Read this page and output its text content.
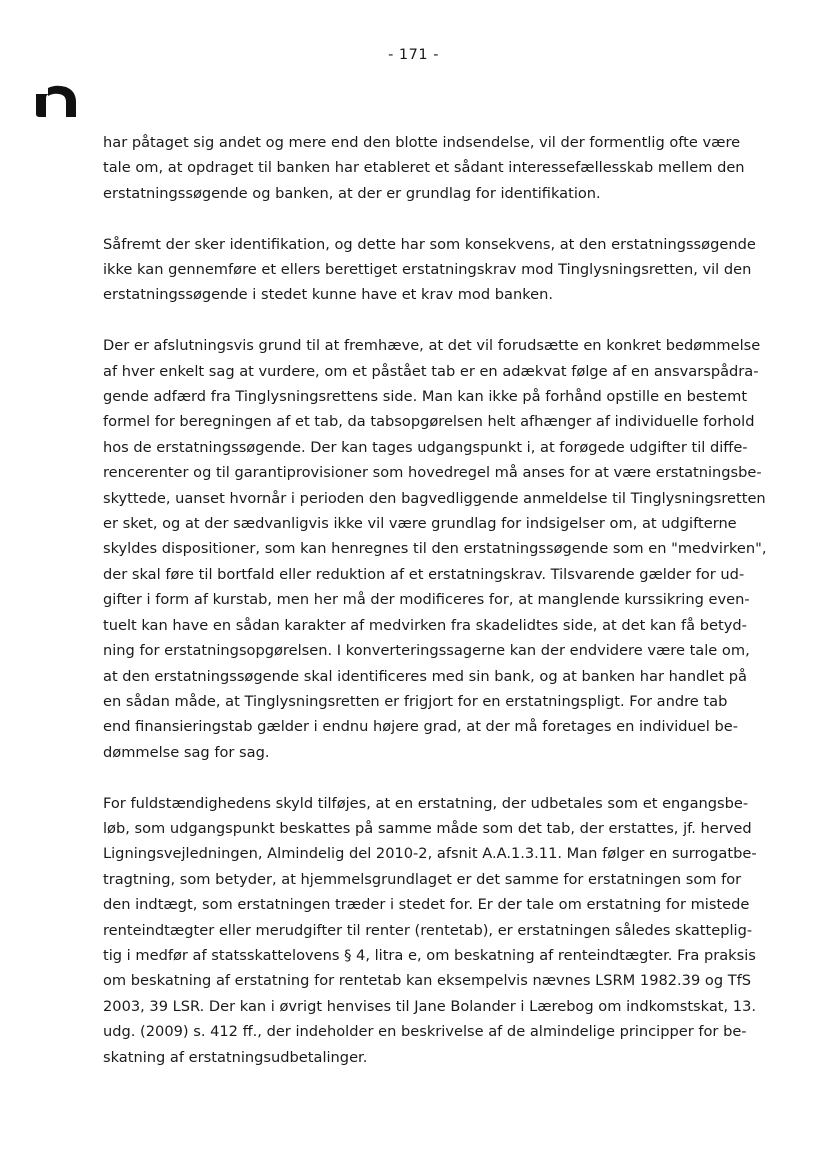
- 171 -

har påtaget sig andet og mere end den blotte indsendelse, vil der formentlig ofte være
tale om, at opdraget til banken har etableret et sådant interessefællesskab mellem den
erstatningssøgende og banken, at der er grundlag for identifikation.

Såfremt der sker identifikation, og dette har som konsekvens, at den erstatningssøgende
ikke kan gennemføre et ellers berettiget erstatningskrav mod Tinglysningsretten, vil den
erstatningssøgende i stedet kunne have et krav mod banken.

Der er afslutningsvis grund til at fremhæve, at det vil forudsætte en konkret bedømmelse
af hver enkelt sag at vurdere, om et påstået tab er en adækvat følge af en ansvarspådra-
gende adfærd fra Tinglysningsrettens side. Man kan ikke på forhånd opstille en bestemt
formel for beregningen af et tab, da tabsopgørelsen helt afhænger af individuelle forhold
hos de erstatningssøgende. Der kan tages udgangspunkt i, at forøgede udgifter til diffe-
rencerenter og til garantiprovisioner som hovedregel må anses for at være erstatningsbe-
skyttede, uanset hvornår i perioden den bagvedliggende anmeldelse til Tinglysningsretten
er sket, og at der sædvanligvis ikke vil være grundlag for indsigelser om, at udgifterne
skyldes dispositioner, som kan henregnes til den erstatningssøgende som en "medvirken",
der skal føre til bortfald eller reduktion af et erstatningskrav. Tilsvarende gælder for ud-
gifter i form af kurstab, men her må der modificeres for, at manglende kurssikring even-
tuelt kan have en sådan karakter af medvirken fra skadelidtes side, at det kan få betyd-
ning for erstatningsopgørelsen. I konverteringssagerne kan der endvidere være tale om,
at den erstatningssøgende skal identificeres med sin bank, og at banken har handlet på
en sådan måde, at Tinglysningsretten er frigjort for en erstatningspligt. For andre tab
end finansieringstab gælder i endnu højere grad, at der må foretages en individuel be-
dømmelse sag for sag.

For fuldstændighedens skyld tilføjes, at en erstatning, der udbetales som et engangsbe-
løb, som udgangspunkt beskattes på samme måde som det tab, der erstattes, jf. herved
Ligningsvejledningen, Almindelig del 2010-2, afsnit A.A.1.3.11. Man følger en surrogatbe-
tragtning, som betyder, at hjemmelsgrundlaget er det samme for erstatningen som for
den indtægt, som erstatningen træder i stedet for. Er der tale om erstatning for mistede
renteindtægter eller merudgifter til renter (rentetab), er erstatningen således skatteplig-
tig i medfør af statsskattelovens § 4, litra e, om beskatning af renteindtægter. Fra praksis
om beskatning af erstatning for rentetab kan eksempelvis nævnes LSRM 1982.39 og TfS
2003, 39 LSR. Der kan i øvrigt henvises til Jane Bolander i Lærebog om indkomstskat, 13.
udg. (2009) s. 412 ff., der indeholder en beskrivelse af de almindelige principper for be-
skatning af erstatningsudbetalinger.
